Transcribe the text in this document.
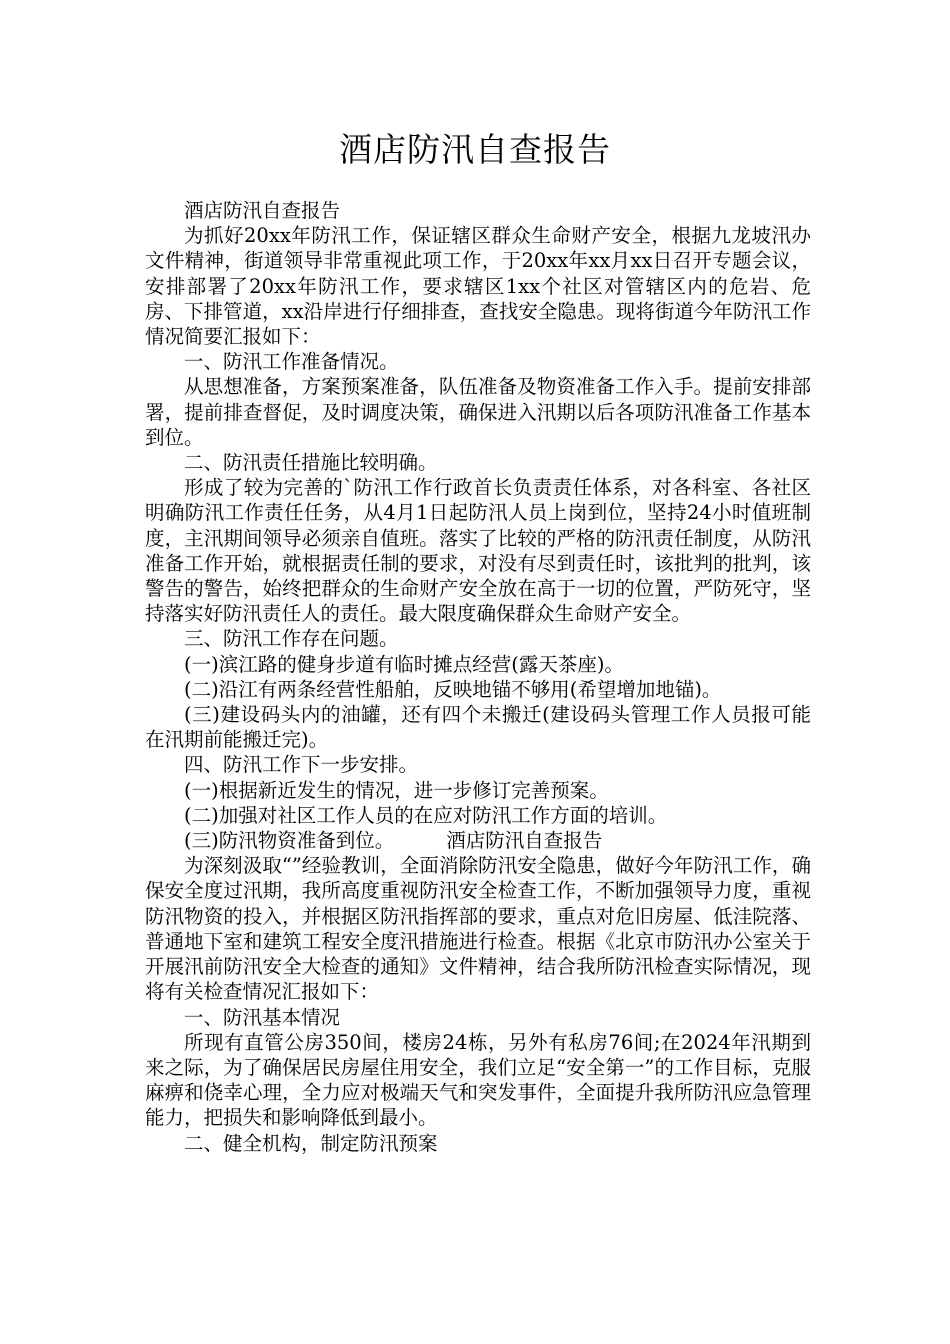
酒店防汛自查报告

酒店防汛自查报告

为抓好20xx年防汛工作，保证辖区群众生命财产安全，根据九龙坡汛办文件精神，街道领导非常重视此项工作，于20xx年xx月xx日召开专题会议，安排部署了20xx年防汛工作，要求辖区1xx个社区对管辖区内的危岩、危房、下排管道，xx沿岸进行仔细排查，查找安全隐患。现将街道今年防汛工作情况简要汇报如下：

一、防汛工作准备情况。

从思想准备，方案预案准备，队伍准备及物资准备工作入手。提前安排部署，提前排查督促，及时调度决策，确保进入汛期以后各项防汛准备工作基本到位。

二、防汛责任措施比较明确。

形成了较为完善的`防汛工作行政首长负责责任体系，对各科室、各社区明确防汛工作责任任务，从4月1日起防汛人员上岗到位，坚持24小时值班制度，主汛期间领导必须亲自值班。落实了比较的严格的防汛责任制度，从防汛准备工作开始，就根据责任制的要求，对没有尽到责任时，该批判的批判，该警告的警告，始终把群众的生命财产安全放在高于一切的位置，严防死守，坚持落实好防汛责任人的责任。最大限度确保群众生命财产安全。

三、防汛工作存在问题。

(一)滨江路的健身步道有临时摊点经营(露天茶座)。

(二)沿江有两条经营性船舶，反映地锚不够用(希望增加地锚)。

(三)建设码头内的油罐，还有四个未搬迁(建设码头管理工作人员报可能在汛期前能搬迁完)。

四、防汛工作下一步安排。

(一)根据新近发生的情况，进一步修订完善预案。

(二)加强对社区工作人员的在应对防汛工作方面的培训。

(三)防汛物资准备到位。	酒店防汛自查报告

为深刻汲取“”经验教训，全面消除防汛安全隐患，做好今年防汛工作，确保安全度过汛期，我所高度重视防汛安全检查工作，不断加强领导力度，重视防汛物资的投入，并根据区防汛指挥部的要求，重点对危旧房屋、低洼院落、普通地下室和建筑工程安全度汛措施进行检查。根据《北京市防汛办公室关于开展汛前防汛安全大检查的通知》文件精神，结合我所防汛检查实际情况，现将有关检查情况汇报如下：

一、防汛基本情况

所现有直管公房350间，楼房24栋，另外有私房76间;在2024年汛期到来之际，为了确保居民房屋住用安全，我们立足“安全第一”的工作目标，克服麻痹和侥幸心理，全力应对极端天气和突发事件，全面提升我所防汛应急管理能力，把损失和影响降低到最小。

二、健全机构，制定防汛预案
